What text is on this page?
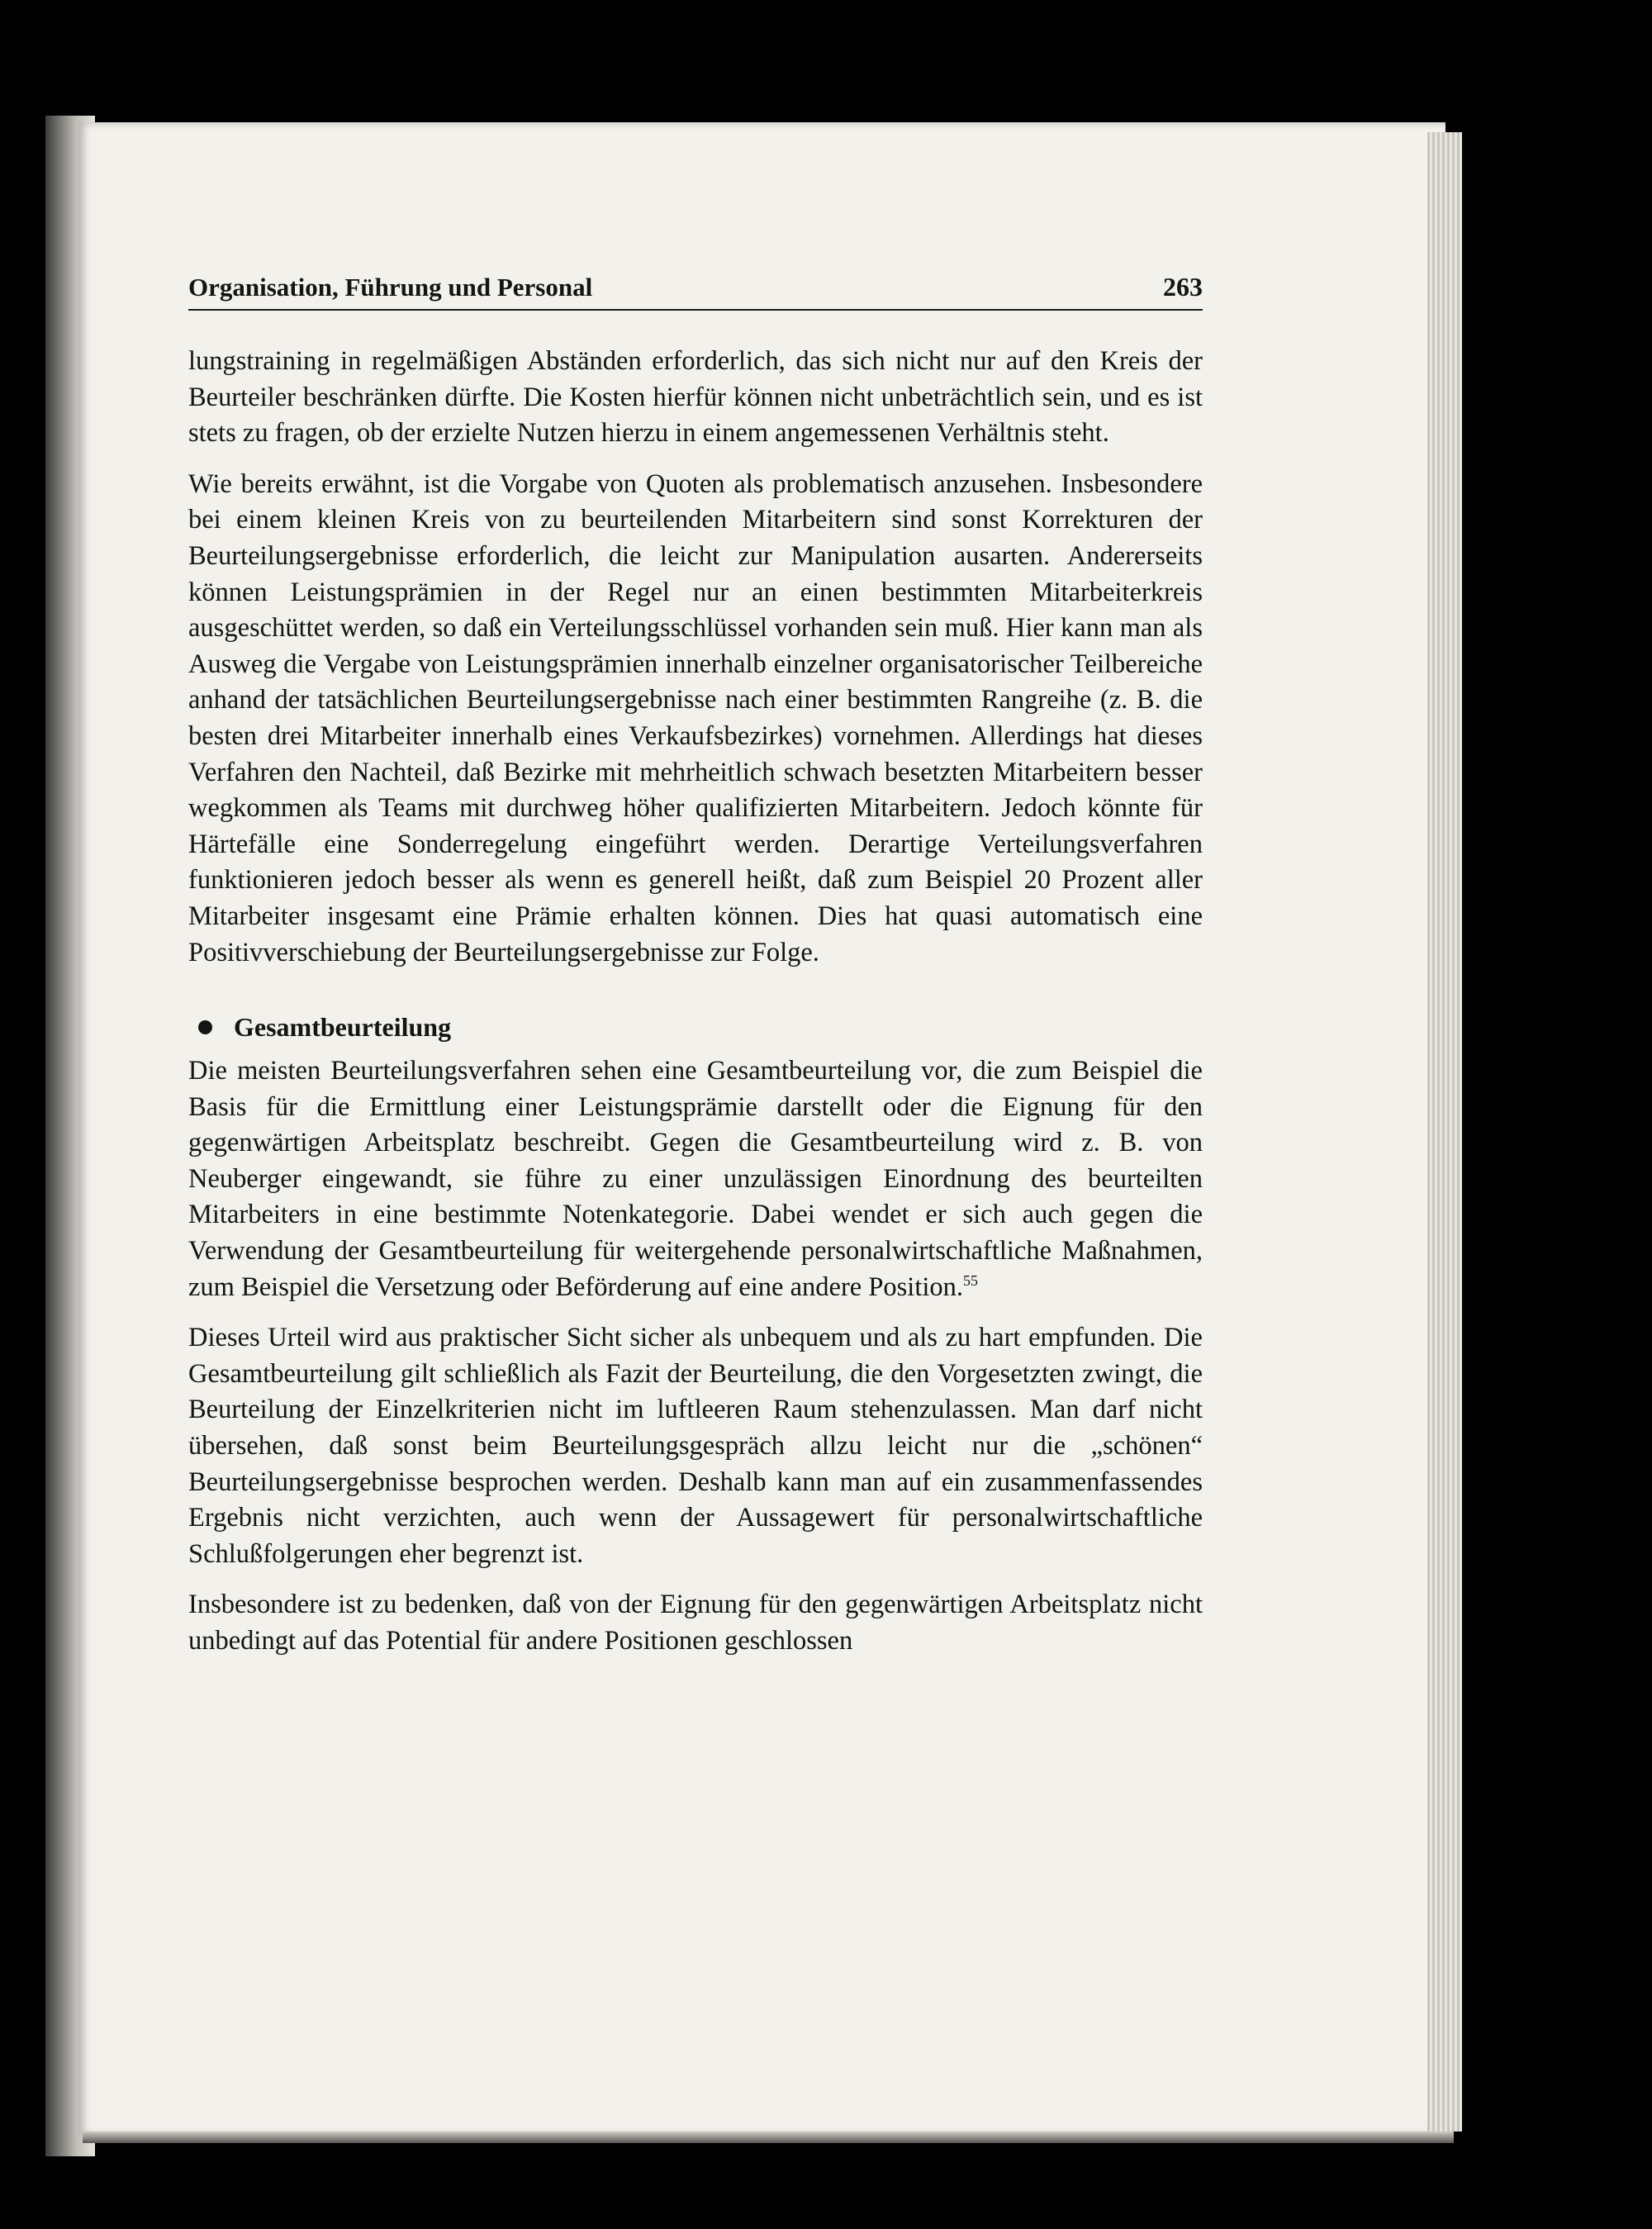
Organisation, Führung und Personal	263

lungstraining in regelmäßigen Abständen erforderlich, das sich nicht nur auf den Kreis der Beurteiler beschränken dürfte. Die Kosten hierfür können nicht unbeträchtlich sein, und es ist stets zu fragen, ob der erzielte Nutzen hierzu in einem angemessenen Verhältnis steht.

Wie bereits erwähnt, ist die Vorgabe von Quoten als problematisch anzusehen. Insbesondere bei einem kleinen Kreis von zu beurteilenden Mitarbeitern sind sonst Korrekturen der Beurteilungsergebnisse erforderlich, die leicht zur Manipulation ausarten. Andererseits können Leistungsprämien in der Regel nur an einen bestimmten Mitarbeiterkreis ausgeschüttet werden, so daß ein Verteilungsschlüssel vorhanden sein muß. Hier kann man als Ausweg die Vergabe von Leistungsprämien innerhalb einzelner organisatorischer Teilbereiche anhand der tatsächlichen Beurteilungsergebnisse nach einer bestimmten Rangreihe (z. B. die besten drei Mitarbeiter innerhalb eines Verkaufsbezirkes) vornehmen. Allerdings hat dieses Verfahren den Nachteil, daß Bezirke mit mehrheitlich schwach besetzten Mitarbeitern besser wegkommen als Teams mit durchweg höher qualifizierten Mitarbeitern. Jedoch könnte für Härtefälle eine Sonderregelung eingeführt werden. Derartige Verteilungsverfahren funktionieren jedoch besser als wenn es generell heißt, daß zum Beispiel 20 Prozent aller Mitarbeiter insgesamt eine Prämie erhalten können. Dies hat quasi automatisch eine Positivverschiebung der Beurteilungsergebnisse zur Folge.

Gesamtbeurteilung

Die meisten Beurteilungsverfahren sehen eine Gesamtbeurteilung vor, die zum Beispiel die Basis für die Ermittlung einer Leistungsprämie darstellt oder die Eignung für den gegenwärtigen Arbeitsplatz beschreibt. Gegen die Gesamtbeurteilung wird z. B. von Neuberger eingewandt, sie führe zu einer unzulässigen Einordnung des beurteilten Mitarbeiters in eine bestimmte Notenkategorie. Dabei wendet er sich auch gegen die Verwendung der Gesamtbeurteilung für weitergehende personalwirtschaftliche Maßnahmen, zum Beispiel die Versetzung oder Beförderung auf eine andere Position.$^{55}$

Dieses Urteil wird aus praktischer Sicht sicher als unbequem und als zu hart empfunden. Die Gesamtbeurteilung gilt schließlich als Fazit der Beurteilung, die den Vorgesetzten zwingt, die Beurteilung der Einzelkriterien nicht im luftleeren Raum stehenzulassen. Man darf nicht übersehen, daß sonst beim Beurteilungsgespräch allzu leicht nur die „schönen“ Beurteilungsergebnisse besprochen werden. Deshalb kann man auf ein zusammenfassendes Ergebnis nicht verzichten, auch wenn der Aussagewert für personalwirtschaftliche Schlußfolgerungen eher begrenzt ist.

Insbesondere ist zu bedenken, daß von der Eignung für den gegenwärtigen Arbeitsplatz nicht unbedingt auf das Potential für andere Positionen geschlossen
